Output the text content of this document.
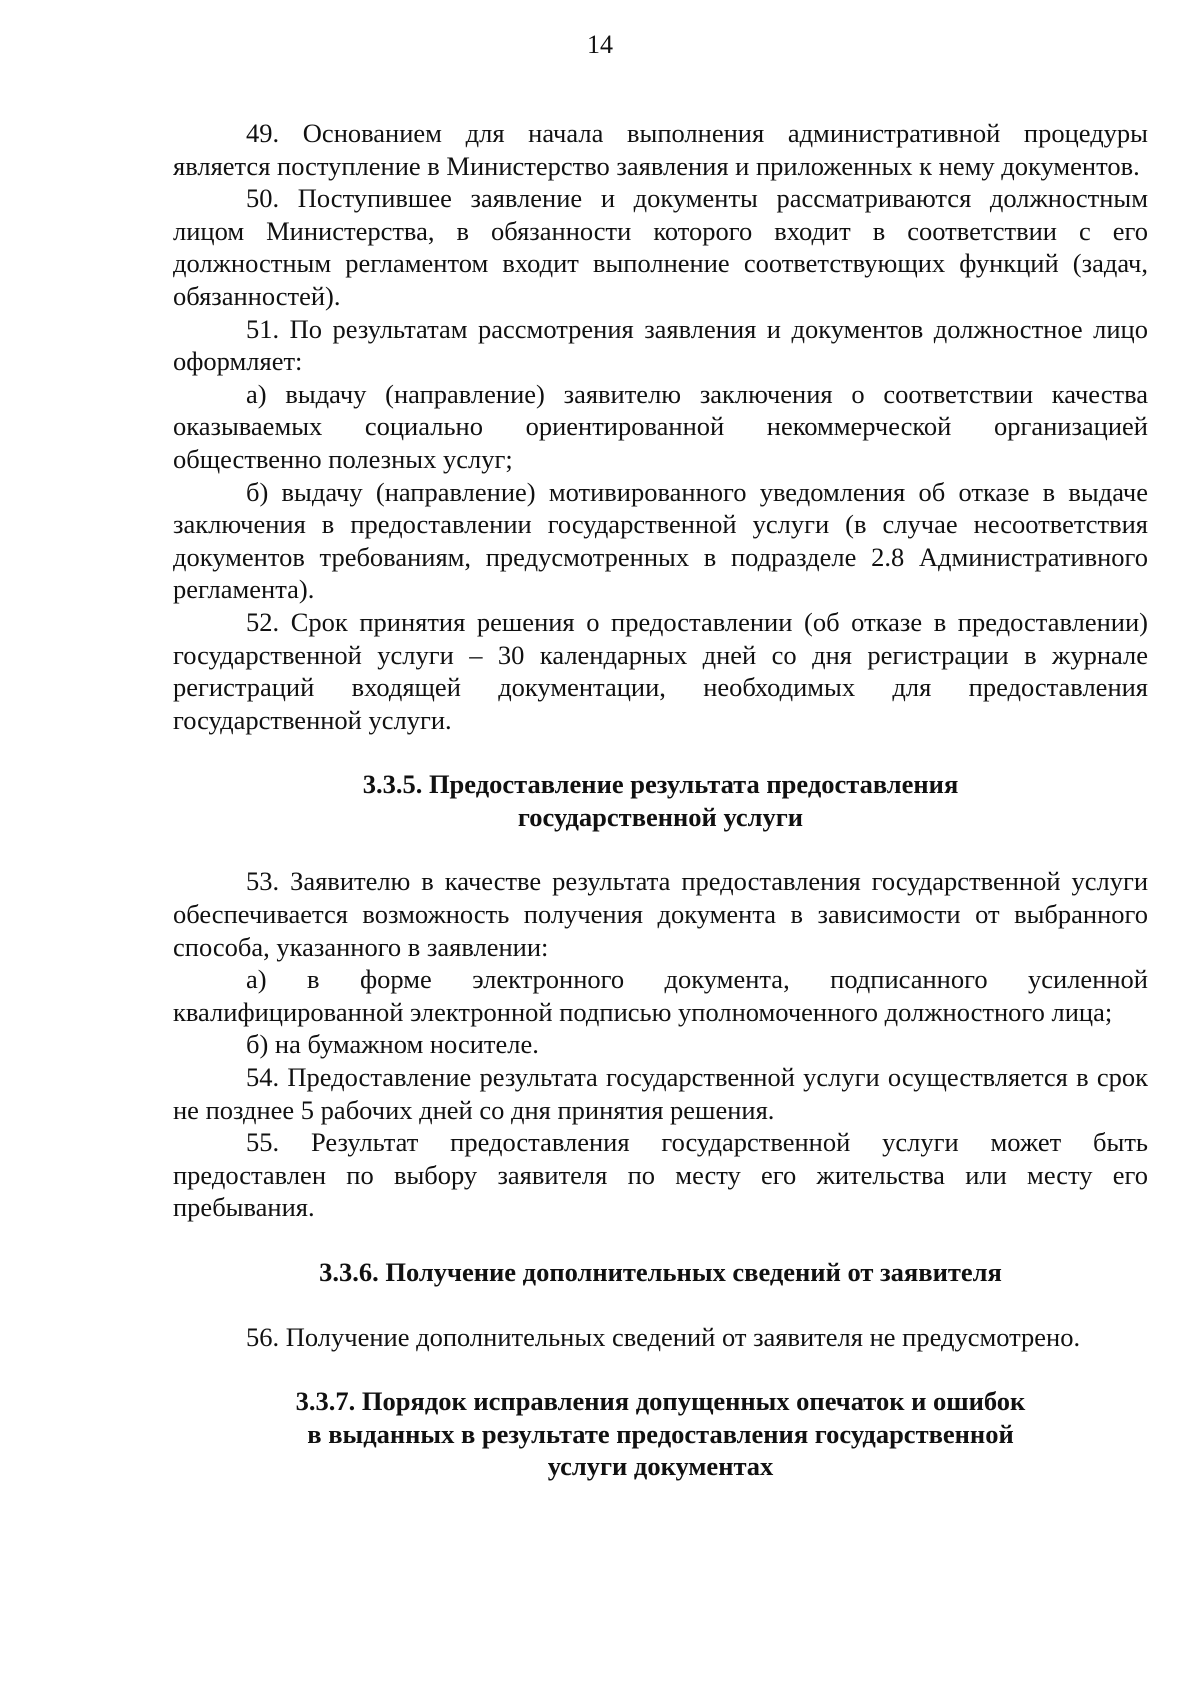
14

49. Основанием для начала выполнения административной процедуры является поступление в Министерство заявления и приложенных к нему документов.

50. Поступившее заявление и документы рассматриваются должностным лицом Министерства, в обязанности которого входит в соответствии с его должностным регламентом входит выполнение соответствующих функций (задач, обязанностей).

51. По результатам рассмотрения заявления и документов должностное лицо оформляет:

а) выдачу (направление) заявителю заключения о соответствии качества оказываемых социально ориентированной некоммерческой организацией общественно полезных услуг;

б) выдачу (направление) мотивированного уведомления об отказе в выдаче заключения в предоставлении государственной услуги (в случае несоответствия документов требованиям, предусмотренных в подразделе 2.8 Административного регламента).

52. Срок принятия решения о предоставлении (об отказе в предоставлении) государственной услуги – 30 календарных дней со дня регистрации в журнале регистраций входящей документации, необходимых для предоставления государственной услуги.

3.3.5. Предоставление результата предоставления
государственной услуги

53. Заявителю в качестве результата предоставления государственной услуги обеспечивается возможность получения документа в зависимости от выбранного способа, указанного в заявлении:

а) в форме электронного документа, подписанного усиленной квалифицированной электронной подписью уполномоченного должностного лица;

б) на бумажном носителе.

54. Предоставление результата государственной услуги осуществляется в срок не позднее 5 рабочих дней со дня принятия решения.

55. Результат предоставления государственной услуги может быть предоставлен по выбору заявителя по месту его жительства или месту его пребывания.

3.3.6. Получение дополнительных сведений от заявителя

56. Получение дополнительных сведений от заявителя не предусмотрено.

3.3.7. Порядок исправления допущенных опечаток и ошибок
в выданных в результате предоставления государственной
услуги документах
